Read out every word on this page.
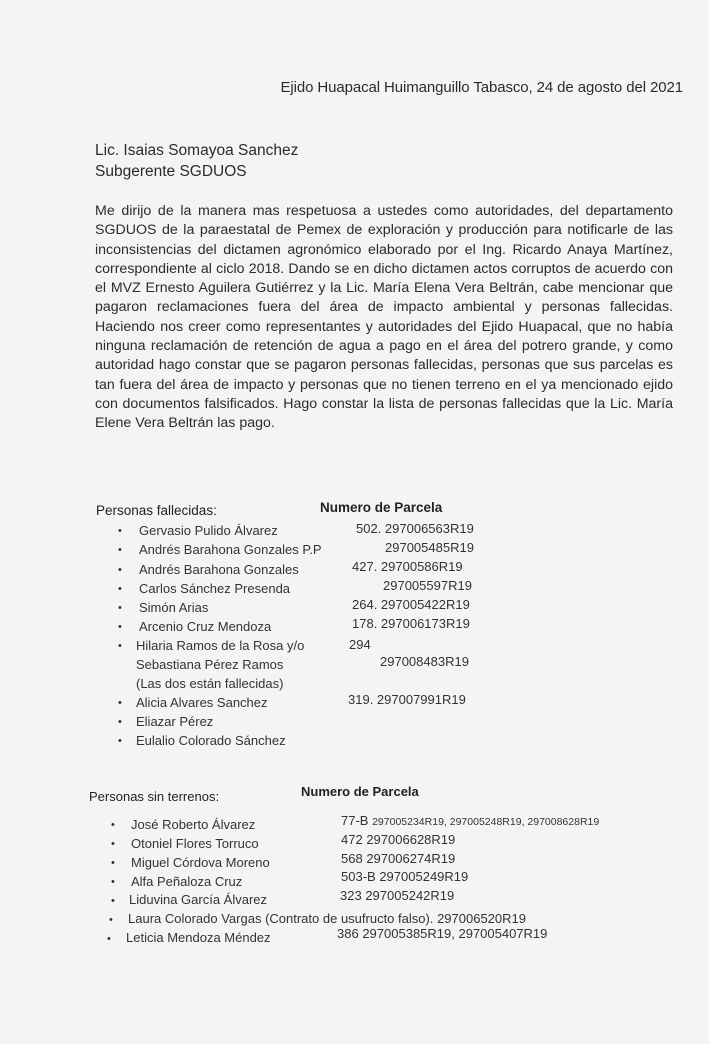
Ejido Huapacal Huimanguillo Tabasco, 24 de agosto del 2021
Lic. Isaias Somayoa Sanchez
Subgerente SGDUOS
Me dirijo de la manera mas respetuosa a ustedes como autoridades, del departamento SGDUOS de la paraestatal de Pemex de exploración y producción para notificarle de las inconsistencias del dictamen agronómico elaborado por el Ing. Ricardo Anaya Martínez, correspondiente al ciclo 2018. Dando se en dicho dictamen actos corruptos de acuerdo con el MVZ Ernesto Aguilera Gutiérrez y la Lic. María Elena Vera Beltrán, cabe mencionar que pagaron reclamaciones fuera del área de impacto ambiental y personas fallecidas. Haciendo nos creer como representantes y autoridades del Ejido Huapacal, que no había ninguna reclamación de retención de agua a pago en el área del potrero grande, y como autoridad hago constar que se pagaron personas fallecidas, personas que sus parcelas es tan fuera del área de impacto y personas que no tienen terreno en el ya mencionado ejido con documentos falsificados. Hago constar la lista de personas fallecidas que la Lic. María Elene Vera Beltrán las pago.
Personas fallecidas:	Numero de Parcela
• Gervasio Pulido Álvarez	502. 297006563R19
• Andrés Barahona Gonzales P.P	297005485R19
• Andrés Barahona Gonzales	427. 29700586R19
• Carlos Sánchez Presenda	297005597R19
• Simón Arias	264. 297005422R19
• Arcenio Cruz Mendoza	178. 297006173R19
• Hilaria Ramos de la Rosa y/o	294
Sebastiana Pérez Ramos	297008483R19
(Las dos están fallecidas)
• Alicia Alvares Sanchez	319. 297007991R19
• Eliazar Pérez
• Eulalio Colorado Sánchez
Personas sin terrenos:	Numero de Parcela
• José Roberto Álvarez	77-B 297005234R19, 297005248R19, 297008628R19
• Otoniel Flores Torruco	472 297006628R19
• Miguel Córdova Moreno	568 297006274R19
• Alfa Peñaloza Cruz	503-B 297005249R19
• Liduvina García Álvarez	323 297005242R19
• Laura Colorado Vargas (Contrato de usufructo falso). 297006520R19
• Leticia Mendoza Méndez	386 297005385R19, 297005407R19
